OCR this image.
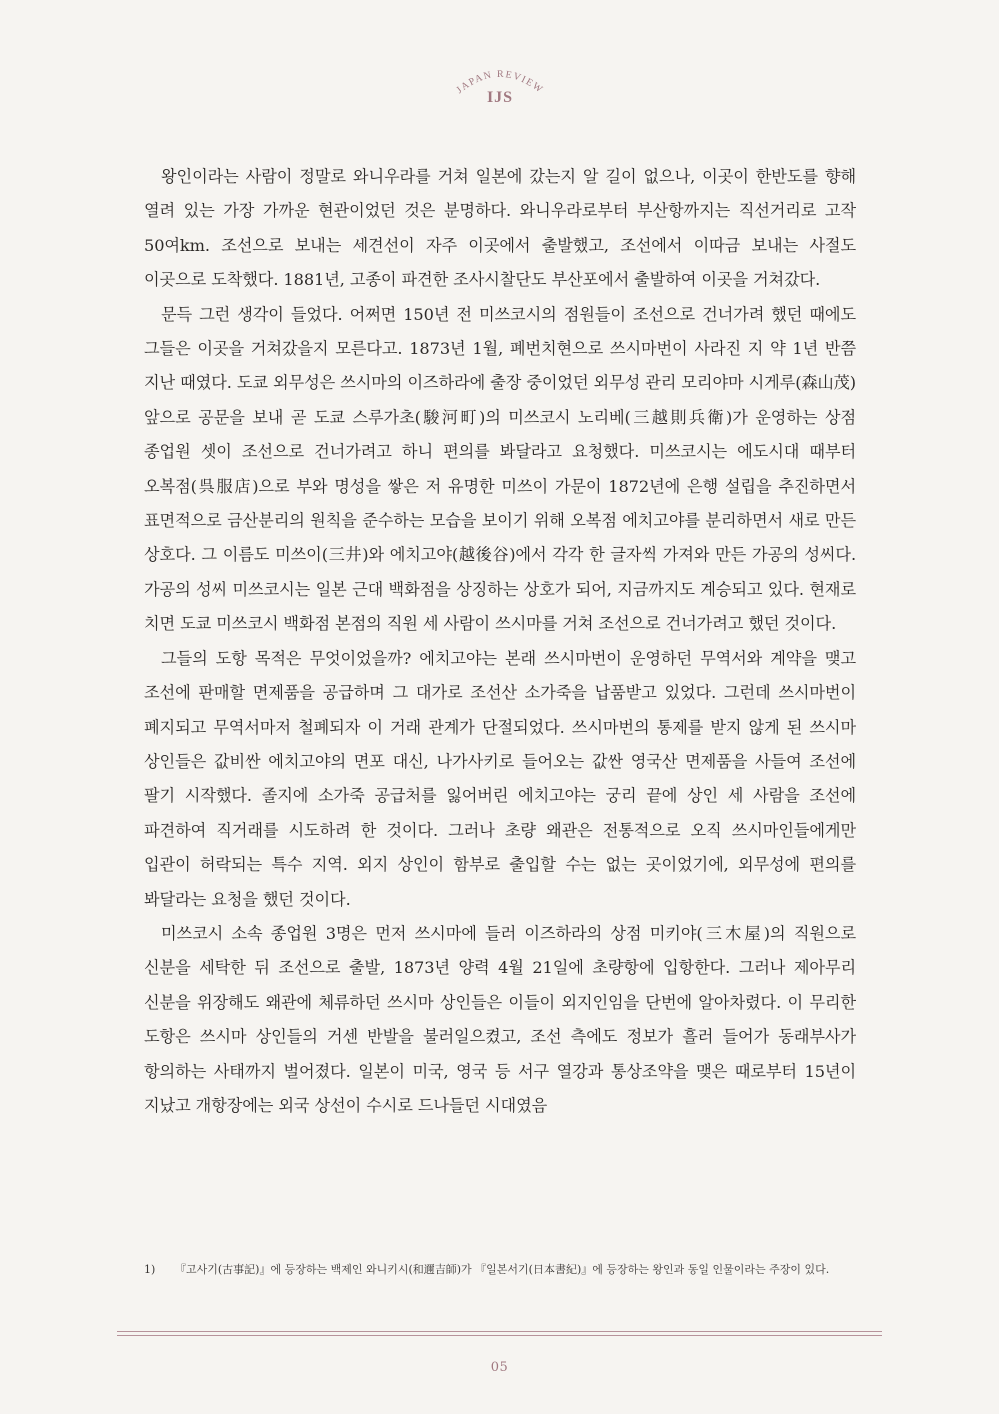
JAPAN REVIEW
IJS

왕인이라는 사람이 정말로 와니우라를 거쳐 일본에 갔는지 알 길이 없으나, 이곳이 한반도를 향해 열려 있는 가장 가까운 현관이었던 것은 분명하다. 와니우라로부터 부산항까지는 직선거리로 고작 50여km. 조선으로 보내는 세견선이 자주 이곳에서 출발했고, 조선에서 이따금 보내는 사절도 이곳으로 도착했다. 1881년, 고종이 파견한 조사시찰단도 부산포에서 출발하여 이곳을 거쳐갔다.

문득 그런 생각이 들었다. 어쩌면 150년 전 미쓰코시의 점원들이 조선으로 건너가려 했던 때에도 그들은 이곳을 거쳐갔을지 모른다고. 1873년 1월, 폐번치현으로 쓰시마번이 사라진 지 약 1년 반쯤 지난 때였다. 도쿄 외무성은 쓰시마의 이즈하라에 출장 중이었던 외무성 관리 모리야마 시게루(森山茂) 앞으로 공문을 보내 곧 도쿄 스루가초(駿河町)의 미쓰코시 노리베(三越則兵衛)가 운영하는 상점 종업원 셋이 조선으로 건너가려고 하니 편의를 봐달라고 요청했다. 미쓰코시는 에도시대 때부터 오복점(呉服店)으로 부와 명성을 쌓은 저 유명한 미쓰이 가문이 1872년에 은행 설립을 추진하면서 표면적으로 금산분리의 원칙을 준수하는 모습을 보이기 위해 오복점 에치고야를 분리하면서 새로 만든 상호다. 그 이름도 미쓰이(三井)와 에치고야(越後谷)에서 각각 한 글자씩 가져와 만든 가공의 성씨다. 가공의 성씨 미쓰코시는 일본 근대 백화점을 상징하는 상호가 되어, 지금까지도 계승되고 있다. 현재로 치면 도쿄 미쓰코시 백화점 본점의 직원 세 사람이 쓰시마를 거쳐 조선으로 건너가려고 했던 것이다.

그들의 도항 목적은 무엇이었을까? 에치고야는 본래 쓰시마번이 운영하던 무역서와 계약을 맺고 조선에 판매할 면제품을 공급하며 그 대가로 조선산 소가죽을 납품받고 있었다. 그런데 쓰시마번이 폐지되고 무역서마저 철폐되자 이 거래 관계가 단절되었다. 쓰시마번의 통제를 받지 않게 된 쓰시마 상인들은 값비싼 에치고야의 면포 대신, 나가사키로 들어오는 값싼 영국산 면제품을 사들여 조선에 팔기 시작했다. 졸지에 소가죽 공급처를 잃어버린 에치고야는 궁리 끝에 상인 세 사람을 조선에 파견하여 직거래를 시도하려 한 것이다. 그러나 초량 왜관은 전통적으로 오직 쓰시마인들에게만 입관이 허락되는 특수 지역. 외지 상인이 함부로 출입할 수는 없는 곳이었기에, 외무성에 편의를 봐달라는 요청을 했던 것이다.

미쓰코시 소속 종업원 3명은 먼저 쓰시마에 들러 이즈하라의 상점 미키야(三木屋)의 직원으로 신분을 세탁한 뒤 조선으로 출발, 1873년 양력 4월 21일에 초량항에 입항한다. 그러나 제아무리 신분을 위장해도 왜관에 체류하던 쓰시마 상인들은 이들이 외지인임을 단번에 알아차렸다. 이 무리한 도항은 쓰시마 상인들의 거센 반발을 불러일으켰고, 조선 측에도 정보가 흘러 들어가 동래부사가 항의하는 사태까지 벌어졌다. 일본이 미국, 영국 등 서구 열강과 통상조약을 맺은 때로부터 15년이 지났고 개항장에는 외국 상선이 수시로 드나들던 시대였음

1)	『고사기(古事記)』에 등장하는 백제인 와니키시(和邇吉師)가 『일본서기(日本書紀)』에 등장하는 왕인과 동일 인물이라는 주장이 있다.
05
